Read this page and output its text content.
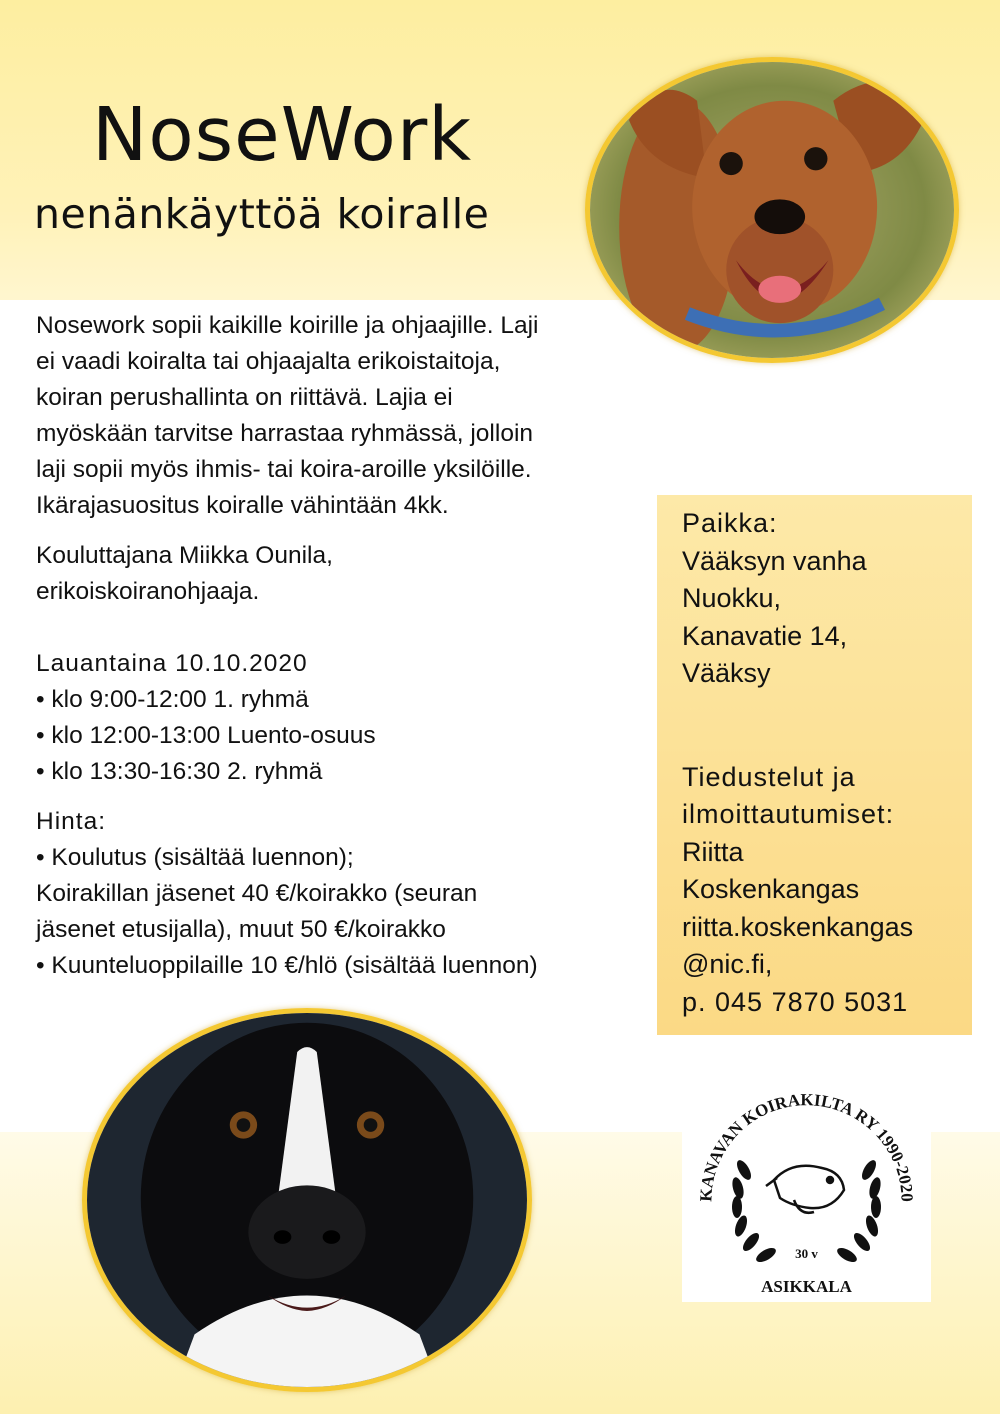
NoseWork
nenänkäyttöä koiralle

Nosework sopii kaikille koirille ja ohjaajille. Laji

ei vaadi koiralta tai ohjaajalta erikoistaitoja,

koiran perushallinta on riittävä. Lajia ei

myöskään tarvitse harrastaa ryhmässä, jolloin

laji sopii myös ihmis- tai koira-aroille yksilöille.

Ikärajasuositus koiralle vähintään 4kk.

Kouluttajana Miikka Ounila,

erikoiskoiranohjaaja.

Lauantaina 10.10.2020

• klo 9:00-12:00 1. ryhmä

• klo 12:00-13:00 Luento-osuus

• klo 13:30-16:30 2. ryhmä

Hinta:

• Koulutus (sisältää luennon);

Koirakillan jäsenet 40 €/koirakko (seuran

jäsenet etusijalla), muut 50 €/koirakko

• Kuunteluoppilaille 10 €/hlö (sisältää luennon)

Paikka:

Vääksyn vanha

Nuokku,

Kanavatie 14,

Vääksy

Tiedustelut ja

ilmoittautumiset:

Riitta

Koskenkangas

riitta.koskenkangas

@nic.fi,

p. 045 7870 5031

KANAVAN KOIRAKILTA RY 1990-2020
30 v
ASIKKALA
